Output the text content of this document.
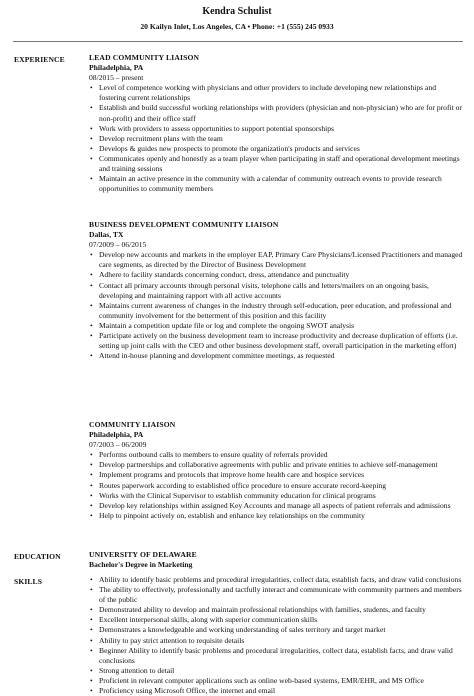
Kendra Schulist
20 Kailyn Inlet, Los Angeles, CA • Phone: +1 (555) 245 0933
EXPERIENCE	LEAD COMMUNITY LIAISON
Philadelphia, PA
08/2015 – present
• Level of competence working with physicians and other providers to include developing new relationships and fostering current relationships
• Establish and build successful working relationships with providers (physician and non-physician) who are for profit or non-profit) and their office staff
• Work with providers to assess opportunities to support potential sponsorships
• Develop recruitment plans with the team
• Develops & guides new prospects to promote the organization's products and services
• Communicates openly and honestly as a team player when participating in staff and operational development meetings and training sessions
• Maintain an active presence in the community with a calendar of community outreach events to provide research opportunities to community members
BUSINESS DEVELOPMENT COMMUNITY LIAISON
Dallas, TX
07/2009 – 06/2015
• Develop new accounts and markets in the employer EAP, Primary Care Physicians/Licensed Practitioners and managed care segments, as directed by the Director of Business Development
• Adhere to facility standards concerning conduct, dress, attendance and punctuality
• Contact all primary accounts through personal visits, telephone calls and letters/mailers on an ongoing basis, developing and maintaining rapport with all active accounts
• Maintains current awareness of changes in the industry through self-education, peer education, and professional and community involvement for the betterment of this position and this facility
• Maintain a competition update file or log and complete the ongoing SWOT analysis
• Participate actively on the business development team to increase productivity and decrease duplication of efforts (i.e. setting up joint calls with the CEO and other business development staff, overall participation in the marketing effort)
• Attend in-house planning and development committee meetings, as requested
COMMUNITY LIAISON
Philadelphia, PA
07/2003 – 06/2009
• Performs outbound calls to members to ensure quality of referrals provided
• Develop partnerships and collaborative agreements with public and private entities to achieve self-management
• Implement programs and protocols that improve home health care and hospice services
• Routes paperwork according to established office procedure to ensure accurate record-keeping
• Works with the Clinical Supervisor to establish community education for clinical programs
• Develop key relationships within assigned Key Accounts and manage all aspects of patient referrals and admissions
• Help to pinpoint actively on, establish and enhance key relationships on the community
EDUCATION	UNIVERSITY OF DELAWARE
Bachelor's Degree in Marketing
SKILLS
•	Ability to identify basic problems and procedural irregularities, collect data, establish facts, and draw valid conclusions
• The ability to effectively, professionally and tactfully interact and communicate with community partners and members of the public
• Demonstrated ability to develop and maintain professional relationships with families, students, and faculty
• Excellent interpersonal skills, along with superior communication skills
• Demonstrates a knowledgeable and working understanding of sales territory and target market
• Ability to pay strict attention to requisite details
• Beginner Ability to identify basic problems and procedural irregularities, collect data, establish facts, and draw valid conclusions
• Strong attention to detail
• Proficient in relevant computer applications such as online web-based systems, EMR/EHR, and MS Office
• Proficiency using Microsoft Office, the internet and email
